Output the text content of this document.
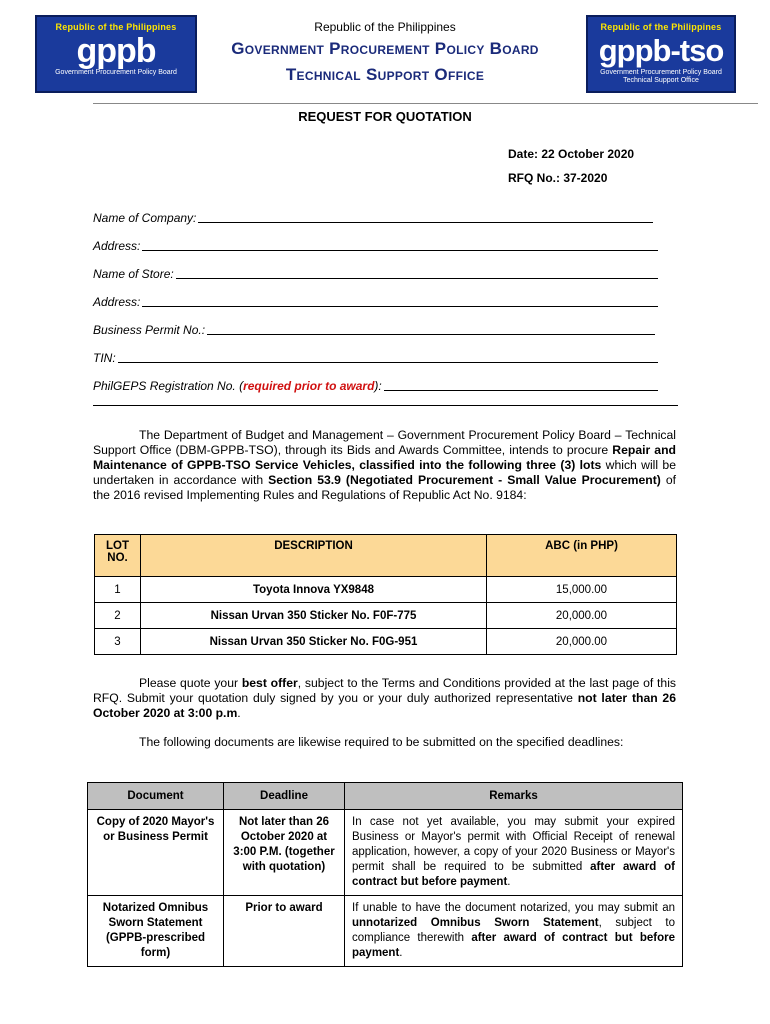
Republic of the Philippines
gppb
Government Procurement Policy Board
Republic of the Philippines
Government Procurement Policy Board
Technical Support Office
Republic of the Philippines
gppb-tso
Government Procurement Policy Board Technical Support Office
REQUEST FOR QUOTATION
Date: 22 October 2020
RFQ No.: 37-2020
Name of Company:
Address:
Name of Store:
Address:
Business Permit No.:
TIN:
PhilGEPS Registration No. (required prior to award):
The Department of Budget and Management – Government Procurement Policy Board – Technical Support Office (DBM-GPPB-TSO), through its Bids and Awards Committee, intends to procure Repair and Maintenance of GPPB-TSO Service Vehicles, classified into the following three (3) lots which will be undertaken in accordance with Section 53.9 (Negotiated Procurement - Small Value Procurement) of the 2016 revised Implementing Rules and Regulations of Republic Act No. 9184:
LOT NO.	DESCRIPTION	ABC (in PHP)
1	Toyota Innova YX9848	15,000.00
2	Nissan Urvan 350 Sticker No. F0F-775	20,000.00
3	Nissan Urvan 350 Sticker No. F0G-951	20,000.00
Please quote your best offer, subject to the Terms and Conditions provided at the last page of this RFQ. Submit your quotation duly signed by you or your duly authorized representative not later than 26 October 2020 at 3:00 p.m.
The following documents are likewise required to be submitted on the specified deadlines:
Document	Deadline	Remarks
Copy of 2020 Mayor's or Business Permit	Not later than 26 October 2020 at 3:00 P.M. (together with quotation)	In case not yet available, you may submit your expired Business or Mayor's permit with Official Receipt of renewal application, however, a copy of your 2020 Business or Mayor's permit shall be required to be submitted after award of contract but before payment.
Notarized Omnibus Sworn Statement (GPPB-prescribed form)	Prior to award	If unable to have the document notarized, you may submit an unnotarized Omnibus Sworn Statement, subject to compliance therewith after award of contract but before payment.
